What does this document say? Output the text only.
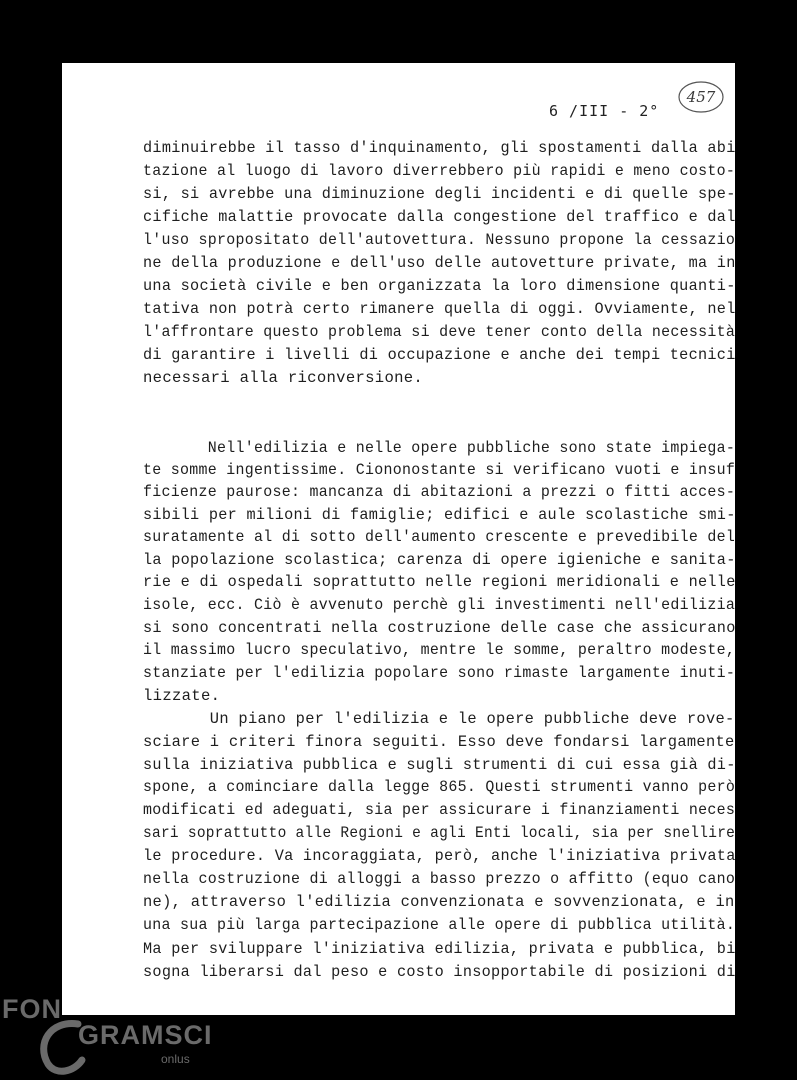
6 /III - 2°
457
diminuirebbe il tasso d'inquinamento, gli spostamenti dalla abi
tazione al luogo di lavoro diverrebbero più rapidi e meno costo-
si, si avrebbe una diminuzione degli incidenti e di quelle spe-
cifiche malattie provocate dalla congestione del traffico e dal
l'uso spropositato dell'autovettura. Nessuno propone la cessazio
ne della produzione e dell'uso delle autovetture private, ma in
una società civile e ben organizzata la loro dimensione quanti-
tativa non potrà certo rimanere quella di oggi. Ovviamente, nel
l'affrontare questo problema si deve tener conto della necessità
di garantire i livelli di occupazione e anche dei tempi tecnici
necessari alla riconversione.
Nell'edilizia e nelle opere pubbliche sono state impiega-
te somme ingentissime. Ciononostante si verificano vuoti e insuf
ficienze paurose: mancanza di abitazioni a prezzi o fitti acces-
sibili per milioni di famiglie; edifici e aule scolastiche smi-
suratamente al di sotto dell'aumento crescente e prevedibile del
la popolazione scolastica; carenza di opere igieniche e sanita-
rie e di ospedali soprattutto nelle regioni meridionali e nelle
isole, ecc. Ciò è avvenuto perchè gli investimenti nell'edilizia
si sono concentrati nella costruzione delle case che assicurano
il massimo lucro speculativo, mentre le somme, peraltro modeste,
stanziate per l'edilizia popolare sono rimaste largamente inuti-
lizzate.
Un piano per l'edilizia e le opere pubbliche deve rove-
sciare i criteri finora seguiti. Esso deve fondarsi largamente
sulla iniziativa pubblica e sugli strumenti di cui essa già di-
spone, a cominciare dalla legge 865. Questi strumenti vanno però
modificati ed adeguati, sia per assicurare i finanziamenti neces
sari soprattutto alle Regioni e agli Enti locali, sia per snellire
le procedure. Va incoraggiata, però, anche l'iniziativa privata
nella costruzione di alloggi a basso prezzo o affitto (equo cano
ne), attraverso l'edilizia convenzionata e sovvenzionata, e in
una sua più larga partecipazione alle opere di pubblica utilità.
Ma per sviluppare l'iniziativa edilizia, privata e pubblica, bi
sogna liberarsi dal peso e costo insopportabile di posizioni di
FON
GRAMSCI
onlus
